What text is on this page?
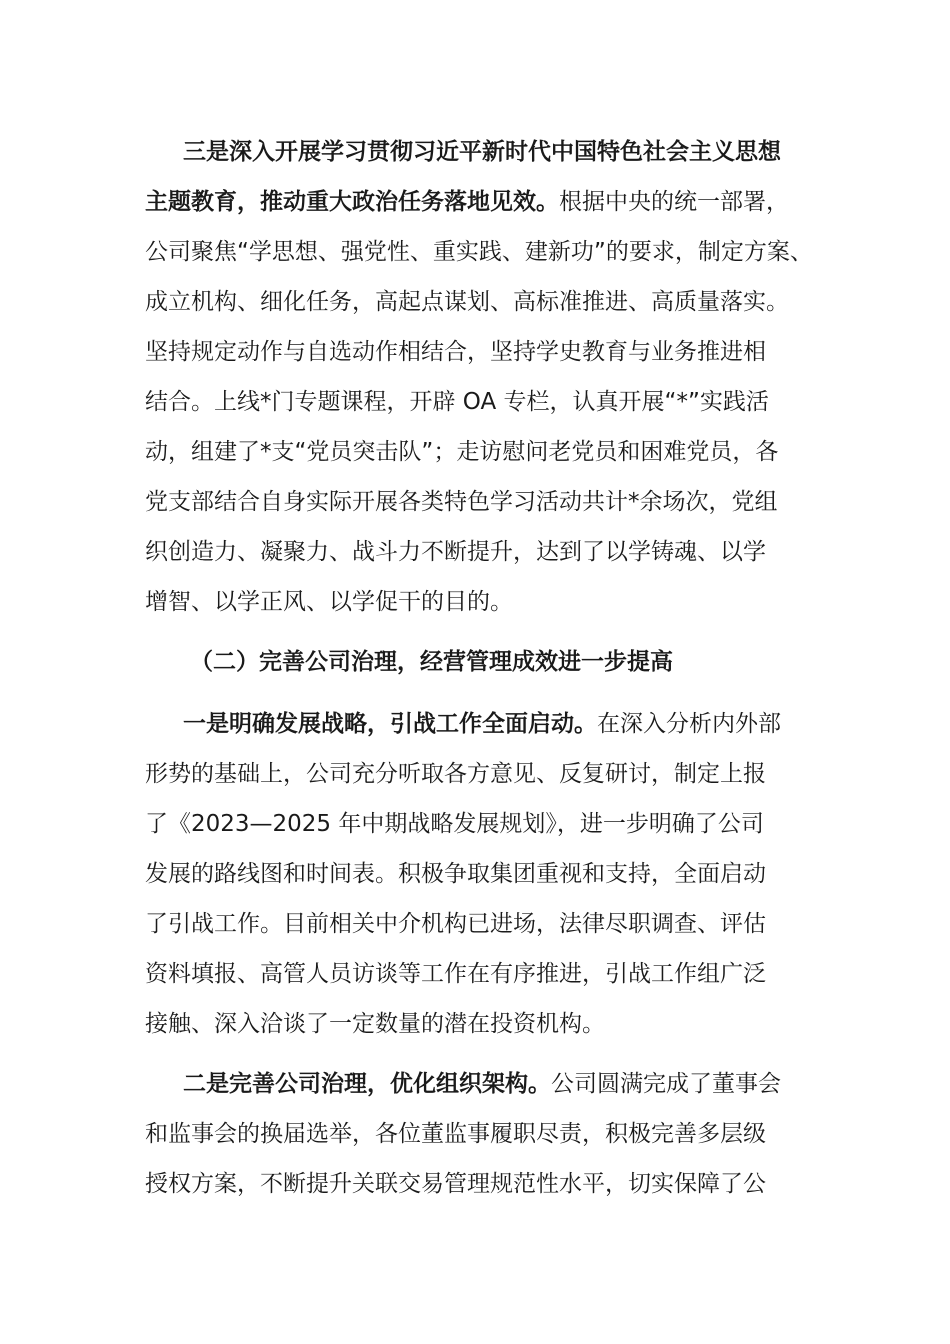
三是深入开展学习贯彻习近平新时代中国特色社会主义思想
主题教育，推动重大政治任务落地见效。根据中央的统一部署，
公司聚焦“学思想、强党性、重实践、建新功”的要求，制定方案、
成立机构、细化任务，高起点谋划、高标准推进、高质量落实。
坚持规定动作与自选动作相结合，坚持学史教育与业务推进相
结合。上线*门专题课程，开辟 OA 专栏，认真开展“*”实践活
动，组建了*支“党员突击队”；走访慰问老党员和困难党员，各
党支部结合自身实际开展各类特色学习活动共计*余场次，党组
织创造力、凝聚力、战斗力不断提升，达到了以学铸魂、以学
增智、以学正风、以学促干的目的。
（二）完善公司治理，经营管理成效进一步提高
一是明确发展战略，引战工作全面启动。在深入分析内外部
形势的基础上，公司充分听取各方意见、反复研讨，制定上报
了《2023—2025 年中期战略发展规划》，进一步明确了公司
发展的路线图和时间表。积极争取集团重视和支持，全面启动
了引战工作。目前相关中介机构已进场，法律尽职调查、评估
资料填报、高管人员访谈等工作在有序推进，引战工作组广泛
接触、深入洽谈了一定数量的潜在投资机构。
二是完善公司治理，优化组织架构。公司圆满完成了董事会
和监事会的换届选举，各位董监事履职尽责，积极完善多层级
授权方案，不断提升关联交易管理规范性水平，切实保障了公
